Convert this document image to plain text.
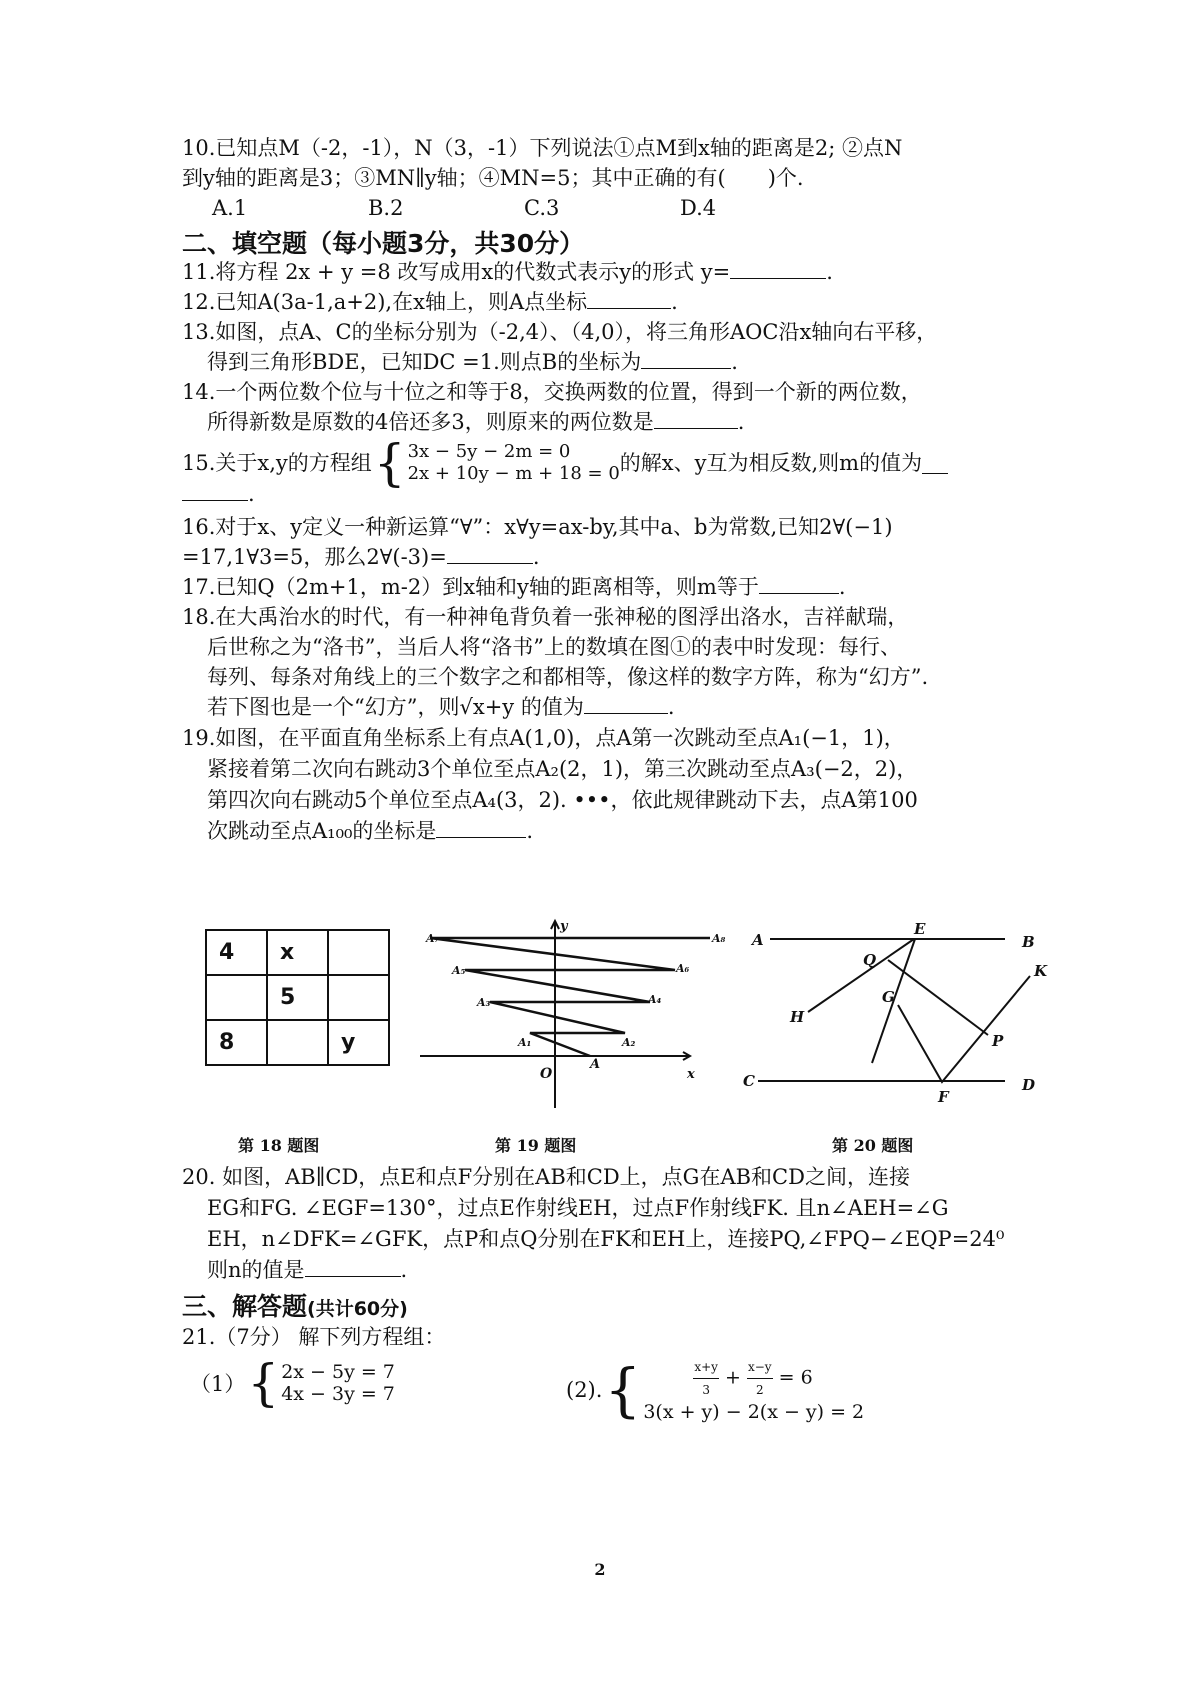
10.已知点M（-2，-1），N（3，-1）下列说法①点M到x轴的距离是2; ②点N
到y轴的距离是3；③MN∥y轴；④MN=5；其中正确的有(　　)个.
A.1	B.2	C.3	D.4
二、填空题（每小题3分，共30分）
11.将方程 2x + y =8 改写成用x的代数式表示y的形式 y=	.
12.已知A(3a-1,a+2),在x轴上，则A点坐标	.
13.如图，点A、C的坐标分别为（-2,4）、（4,0），将三角形AOC沿x轴向右平移，
得到三角形BDE，已知DC =1.则点B的坐标为	.
14.一个两位数个位与十位之和等于8，交换两数的位置，得到一个新的两位数，
所得新数是原数的4倍还多3，则原来的两位数是	.
15.关于x,y的方程组 { 3x − 5y − 2m = 0
2x + 10y − m + 18 = 0 的解x、y互为相反数,则m的值为
.
16.对于x、y定义一种新运算“∀”：x∀y=ax-by,其中a、b为常数,已知2∀(−1)
=17,1∀3=5，那么2∀(-3)=	.
17.已知Q（2m+1，m-2）到x轴和y轴的距离相等，则m等于	.
18.在大禹治水的时代，有一种神龟背负着一张神秘的图浮出洛水，吉祥献瑞，
后世称之为“洛书”，当后人将“洛书”上的数填在图①的表中时发现：每行、
每列、每条对角线上的三个数字之和都相等，像这样的数字方阵，称为“幻方”.
若下图也是一个“幻方”，则√x+y 的值为	.
19.如图，在平面直角坐标系上有点A(1,0)，点A第一次跳动至点A₁(−1，1)，
紧接着第二次向右跳动3个单位至点A₂(2，1)，第三次跳动至点A₃(−2，2)，
第四次向右跳动5个单位至点A₄(3，2). •••，依此规律跳动下去，点A第100
次跳动至点A₁₀₀的坐标是	.
4	x	
	5	
8		y
y
x
O
A
A₁	A₂
A₃	A₄
A₅	A₆
A₇	A₈ A	B
C	D
E
F
G
H
K
P
Q
第 18 题图	第 19 题图	第 20 题图
20. 如图，AB∥CD，点E和点F分别在AB和CD上，点G在AB和CD之间，连接
EG和FG. ∠EGF=130°，过点E作射线EH，过点F作射线FK. 且n∠AEH=∠G
EH，n∠DFK=∠GFK，点P和点Q分别在FK和EH上，连接PQ,∠FPQ−∠EQP=24⁰
则n的值是	.
三、解答题(共计60分)
21.（7分） 解下列方程组：
（1） { 2x − 5y = 7
4x − 3y = 7	(2). {	$\frac{x+y}{3} + \frac{x-y}{2} = 6$
3(x + y) − 2(x − y) = 2
2
